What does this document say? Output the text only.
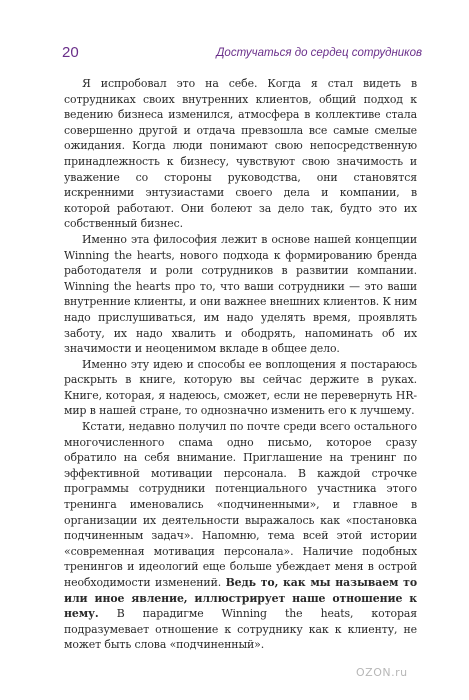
20	Достучаться до сердец сотрудников

Я испробовал это на себе. Когда я стал видеть в сотрудниках своих внутренних клиентов, общий подход к ведению бизнеса изменился, атмосфера в коллективе стала совершенно другой и отдача превзошла все самые смелые ожидания. Когда люди понимают свою непосредственную принадлежность к бизнесу, чувствуют свою значимость и уважение со стороны руководства, они становятся искренними энтузиастами своего дела и компании, в которой работают. Они болеют за дело так, будто это их собственный бизнес.

Именно эта философия лежит в основе нашей концепции Winning the hearts, нового подхода к формированию бренда работодателя и роли сотрудников в развитии компании. Winning the hearts про то, что ваши сотрудники — это ваши внутренние клиенты, и они важнее внешних клиентов. К ним надо прислушиваться, им надо уделять время, проявлять заботу, их надо хвалить и ободрять, напоминать об их значимости и неоценимом вкладе в общее дело.

Именно эту идею и способы ее воплощения я постараюсь раскрыть в книге, которую вы сейчас держите в руках. Книге, которая, я надеюсь, сможет, если не перевернуть HR-мир в нашей стране, то однозначно изменить его к лучшему.

Кстати, недавно получил по почте среди всего остального многочисленного спама одно письмо, которое сразу обратило на себя внимание. Приглашение на тренинг по эффективной мотивации персонала. В каждой строчке программы сотрудники потенциального участника этого тренинга именовались «подчиненными», и главное в организации их деятельности выражалось как «постановка подчиненным задач». Напомню, тема всей этой истории «современная мотивация персонала». Наличие подобных тренингов и идеологий еще больше убеждает меня в острой необходимости изменений. Ведь то, как мы называем то или иное явление, иллюстрирует наше отношение к нему. В парадигме Winning the heats, которая подразумевает отношение к сотруднику как к клиенту, не может быть слова «подчиненный».

OZON.ru
